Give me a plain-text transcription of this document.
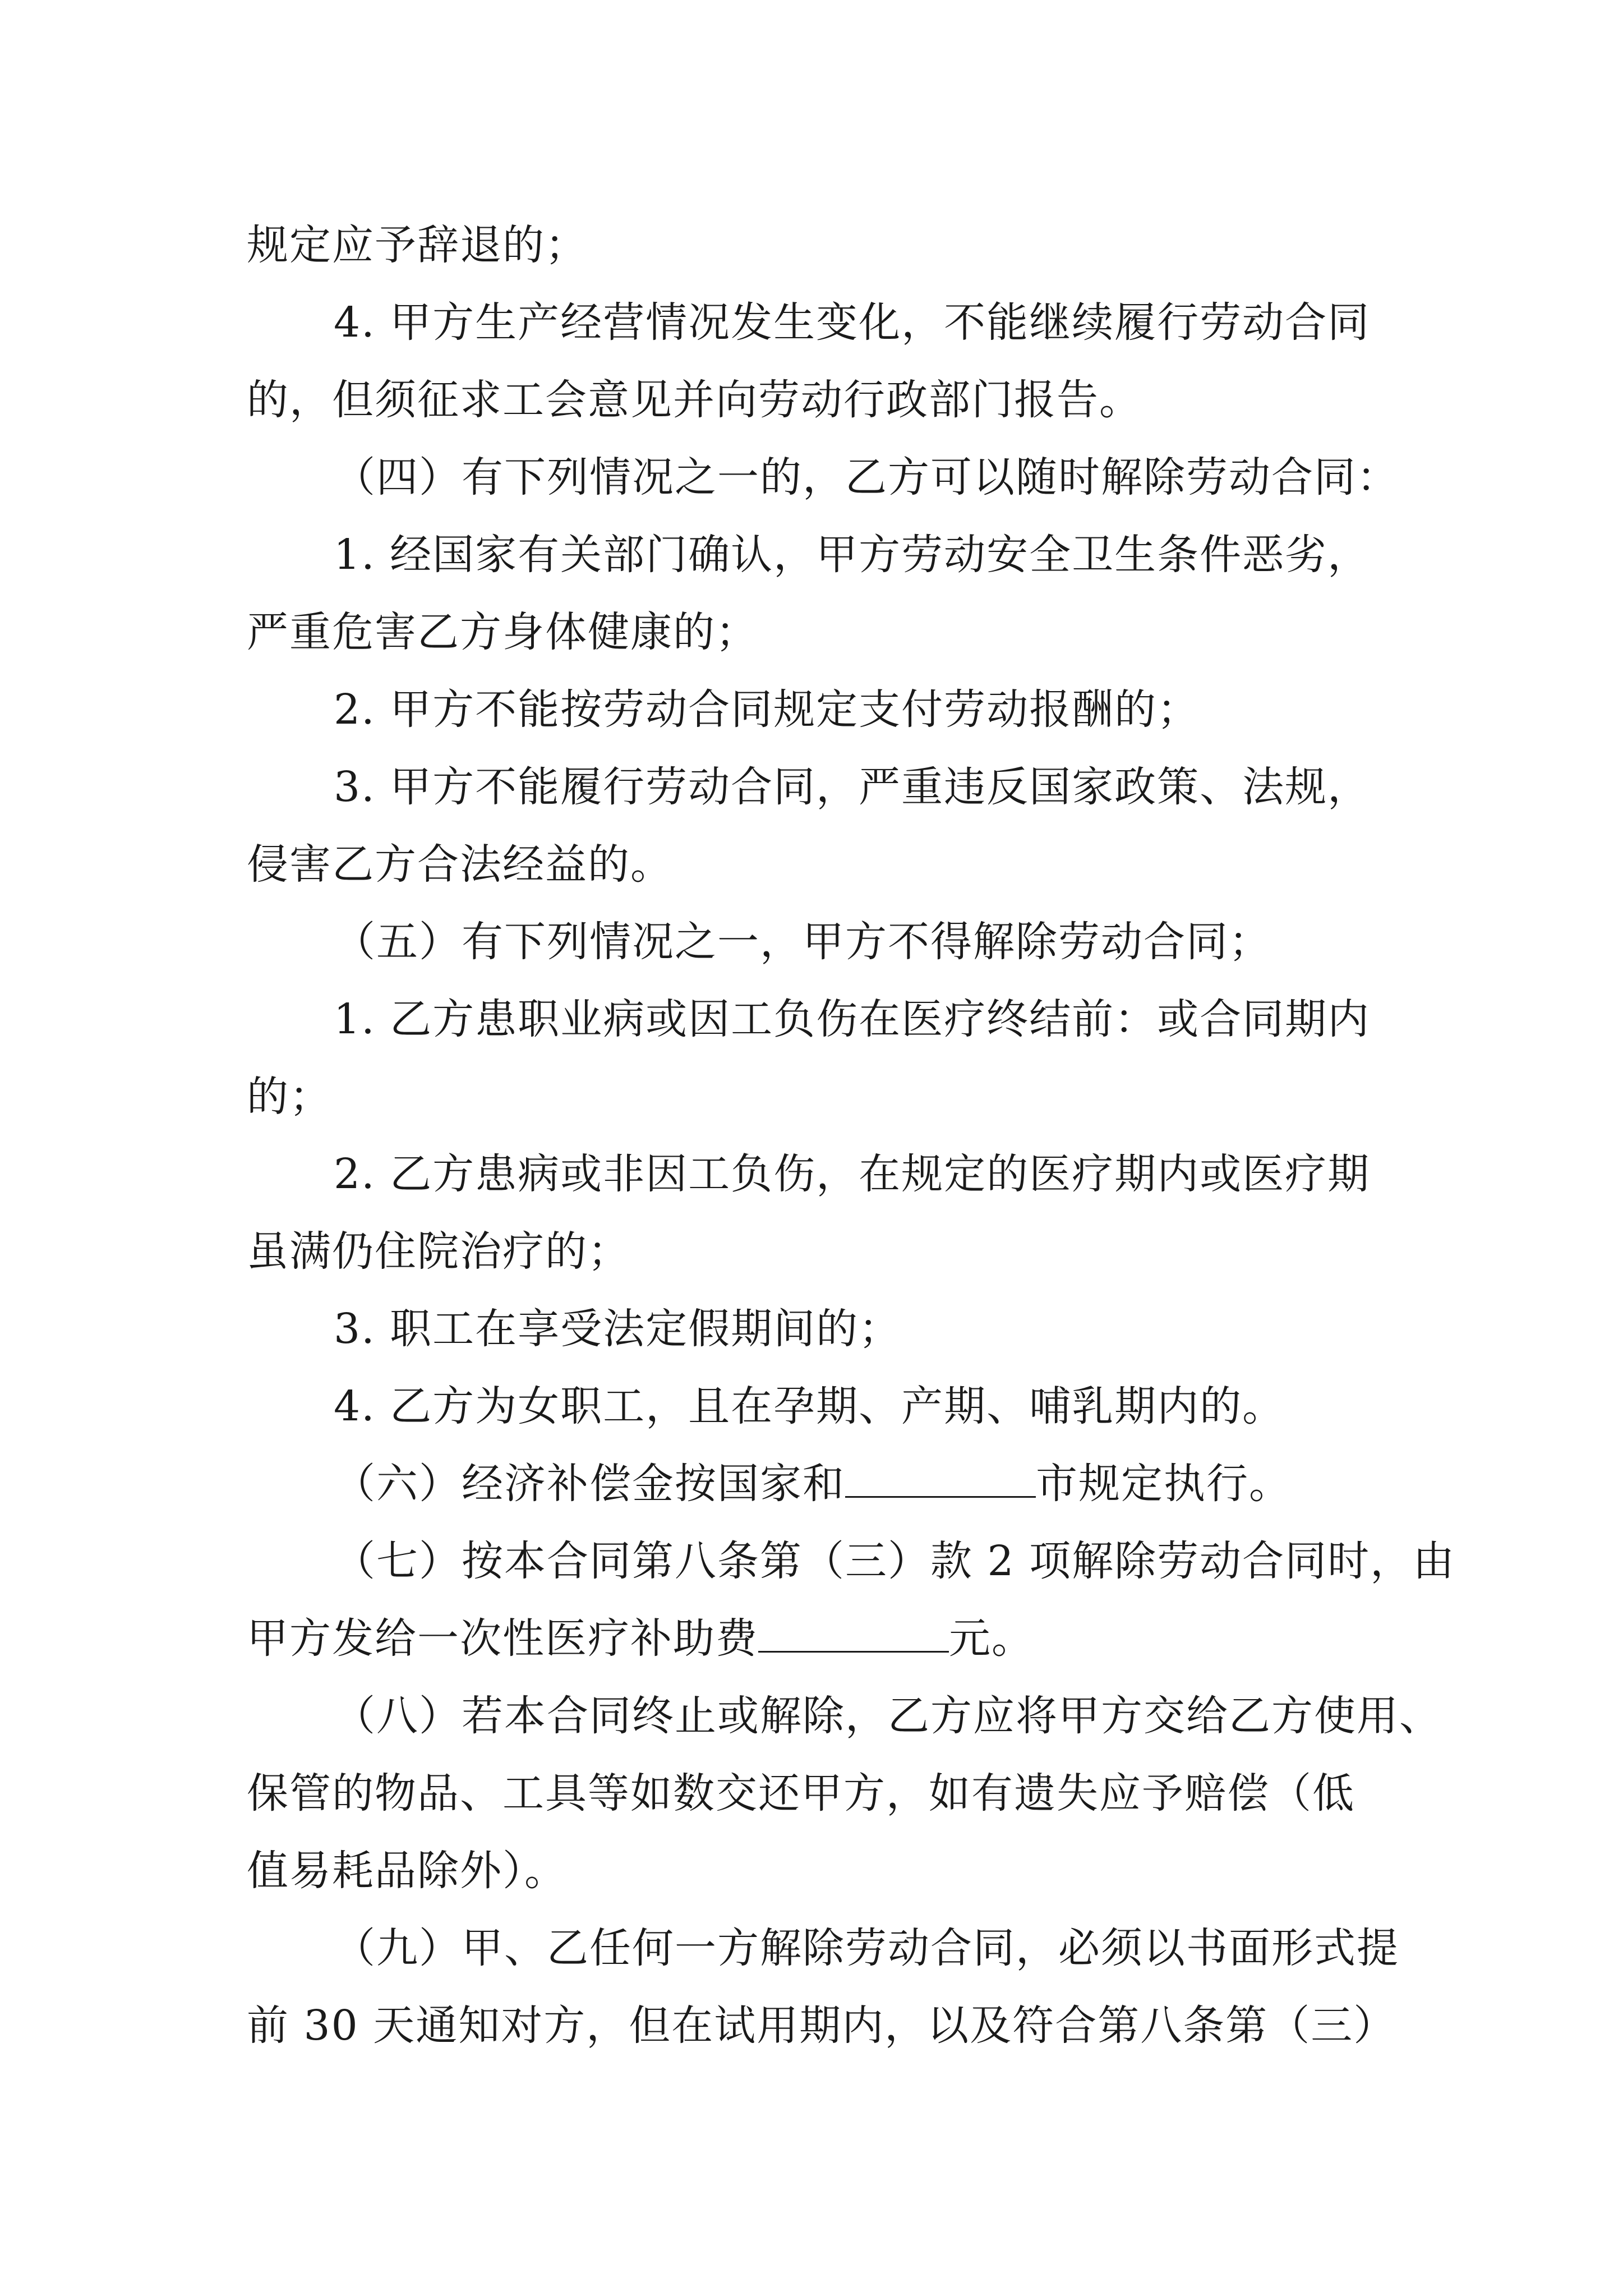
规定应予辞退的；

4. 甲方生产经营情况发生变化，不能继续履行劳动合同

的，但须征求工会意见并向劳动行政部门报告。

（四）有下列情况之一的，乙方可以随时解除劳动合同：

1. 经国家有关部门确认，甲方劳动安全卫生条件恶劣，

严重危害乙方身体健康的；

2. 甲方不能按劳动合同规定支付劳动报酬的；

3. 甲方不能履行劳动合同，严重违反国家政策、法规，

侵害乙方合法经益的。

（五）有下列情况之一，甲方不得解除劳动合同；

1. 乙方患职业病或因工负伤在医疗终结前：或合同期内

的；

2. 乙方患病或非因工负伤，在规定的医疗期内或医疗期

虽满仍住院治疗的；

3. 职工在享受法定假期间的；

4. 乙方为女职工，且在孕期、产期、哺乳期内的。

（六）经济补偿金按国家和	市规定执行。

（七）按本合同第八条第（三）款 2 项解除劳动合同时，由

甲方发给一次性医疗补助费	元。

（八）若本合同终止或解除，乙方应将甲方交给乙方使用、

保管的物品、工具等如数交还甲方，如有遗失应予赔偿（低

值易耗品除外）。

（九）甲、乙任何一方解除劳动合同，必须以书面形式提

前 30 天通知对方，但在试用期内，以及符合第八条第（三）
